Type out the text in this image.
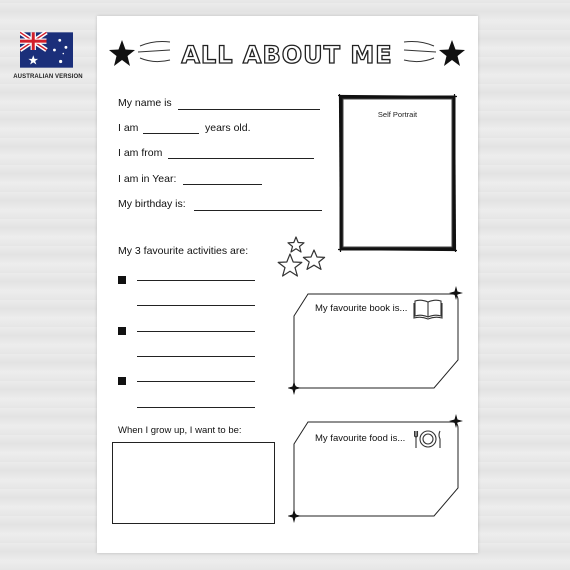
AUSTRALIAN VERSION
ALL ABOUT ME
My name is
I am	years old.
I am from
I am in Year:
My birthday is:
Self Portrait
My 3 favourite activities are:
My favourite book is...
My favourite food is...
When I grow up, I want to be:
